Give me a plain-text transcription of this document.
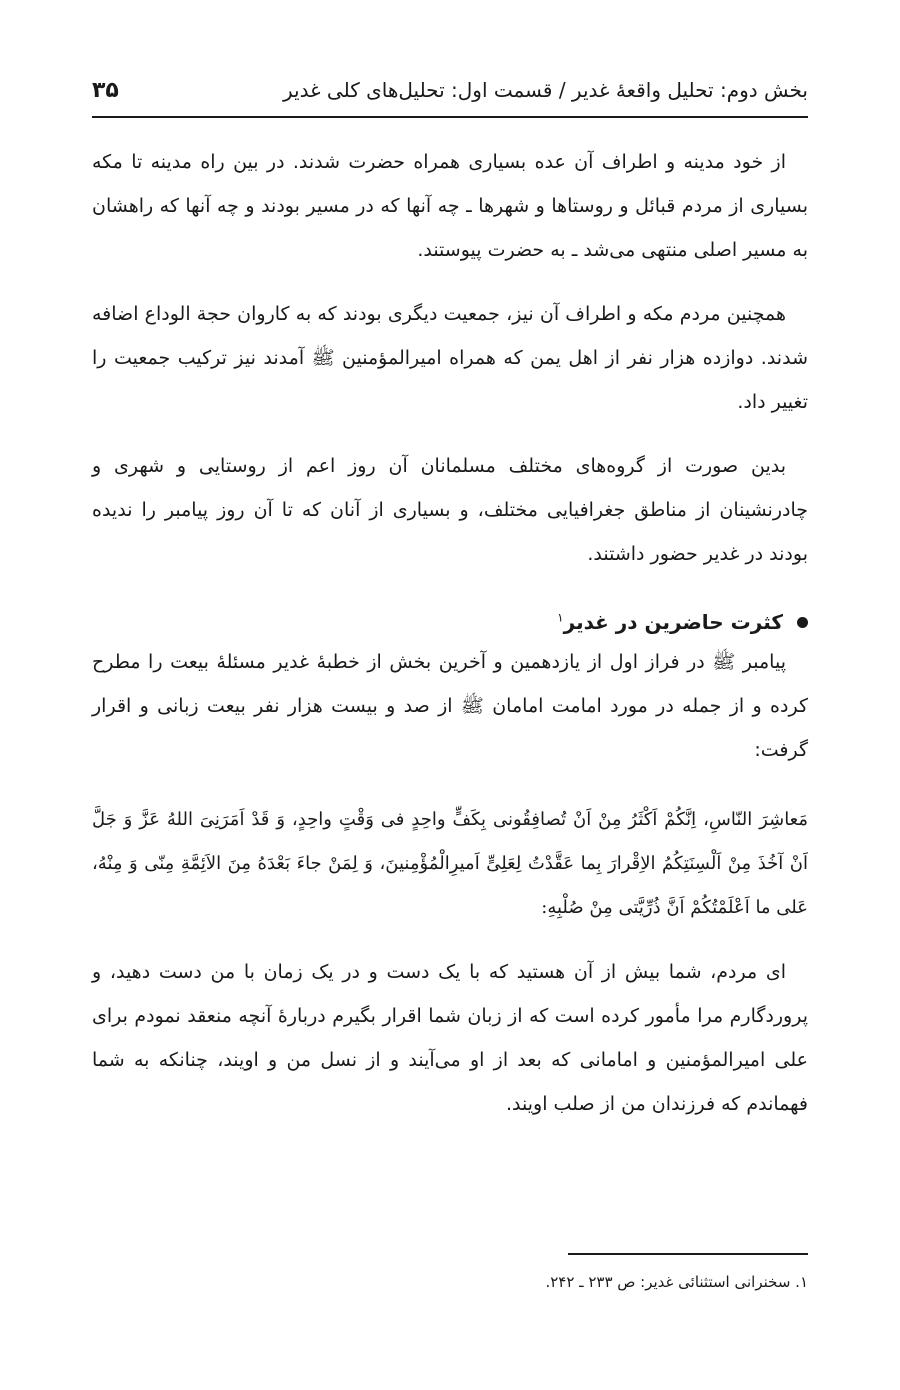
بخش دوم: تحلیل واقعهٔ غدیر / قسمت اول: تحلیل‌های کلی غدیر
۳۵

از خود مدینه و اطراف آن عده بسیاری همراه حضرت شدند. در بین راه مدینه تا مکه بسیاری از مردم قبائل و روستاها و شهرها ـ چه آنها که در مسیر بودند و چه آنها که راهشان به مسیر اصلی منتهی می‌شد ـ به حضرت پیوستند.

همچنین مردم مکه و اطراف آن نیز، جمعیت دیگری بودند که به کاروان حجة الوداع اضافه شدند. دوازده هزار نفر از اهل یمن که همراه امیرالمؤمنین ﷺ آمدند نیز ترکیب جمعیت را تغییر داد.

بدین صورت از گروه‌های مختلف مسلمانان آن روز اعم از روستایی و شهری و چادرنشینان از مناطق جغرافیایی مختلف، و بسیاری از آنان که تا آن روز پیامبر را ندیده بودند در غدیر حضور داشتند.

کثرت حاضرین در غدیر$^۱$

پیامبر ﷺ در فراز اول از یازدهمین و آخرین بخش از خطبهٔ غدیر مسئلهٔ بیعت را مطرح کرده و از جمله در مورد امامت امامان ﷺ از صد و بیست هزار نفر بیعت زبانی و اقرار گرفت:

مَعاشِرَ النّاسِ، اِنَّکُمْ اَکْثَرُ مِنْ اَنْ تُصافِقُونی بِکَفٍّ واحِدٍ فی وَقْتٍ واحِدٍ، وَ قَدْ اَمَرَنِیَ اللهُ عَزَّ وَ جَلَّ اَنْ آخُذَ مِنْ اَلْسِنَتِکُمُ الاِقْرارَ بِما عَقَّدْتُ لِعَلِیٍّ اَمیرِالْمُؤْمِنینَ، وَ لِمَنْ جاءَ بَعْدَهُ مِنَ الاَئِمَّةِ مِنّی وَ مِنْهُ، عَلی ما اَعْلَمْتُکُمْ اَنَّ ذُرِّیَّتی مِنْ صُلْبِهِ:

ای مردم، شما بیش از آن هستید که با یک دست و در یک زمان با من دست دهید، و پروردگارم مرا مأمور کرده است که از زبان شما اقرار بگیرم دربارهٔ آنچه منعقد نمودم برای علی امیرالمؤمنین و امامانی که بعد از او می‌آیند و از نسل من و اویند، چنانکه به شما فهماندم که فرزندان من از صلب اویند.

۱. سخنرانی استثنائی غدیر: ص ۲۳۳ ـ ۲۴۲.
